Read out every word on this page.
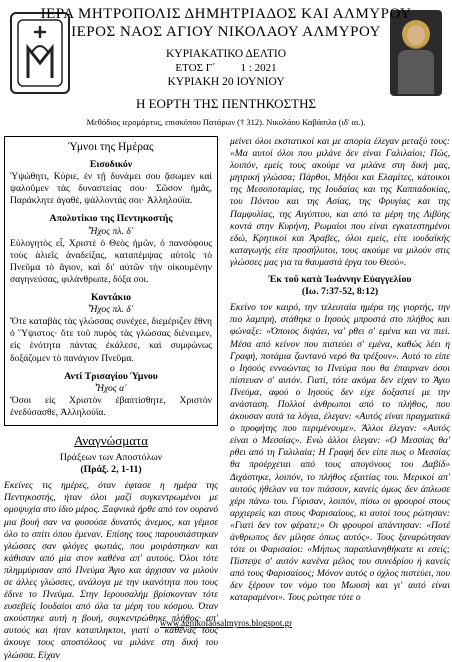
ΙΕΡΑ ΜΗΤΡΟΠΟΛΙΣ ΔΗΜΗΤΡΙΑΔΟΣ ΚΑΙ ΑΛΜΥΡΟΥ
ΙΕΡΟΣ ΝΑΟΣ ΑΓΙΟΥ ΝΙΚΟΛΑΟΥ ΑΛΜΥΡΟΥ
ΚΥΡΙΑΚΑΤΙΚΟ ΔΕΛΤΙΟ
ΕΤΟΣ Γ΄ 1 : 2021
ΚΥΡΙΑΚΗ 20 ΙΟΥΝΙΟΥ
Η ΕΟΡΤΗ ΤΗΣ ΠΕΝΤΗΚΟΣΤΗΣ
Μεθόδιος ιερομάρτυς, επισκόπου Πατάρων († 312). Νικολάου Καβάσιλα (ιδ' αι.).
Ύμνοι της Ημέρας
Εισοδικόν
Ὑψώθητι, Κύριε, ἐν τῇ δυνάμει σου ᾄσωμεν καὶ ψαλοῦμεν τὰς δυναστείας σου· Σῶσον ἡμᾶς, Παράκλητε ἀγαθέ, ψάλλοντάς σοι· Ἀλληλούϊα.
Απολυτίκιο της Πεντηκοστής
Ἦχος πλ. δ΄
Εὐλογητὸς εἶ, Χριστὲ ὁ Θεὸς ἡμῶν, ὁ πανσόφους τοὺς ἁλιεῖς ἀναδείξας, καταπέμψας αὐτοῖς τὸ Πνεῦμα τὸ ἅγιον, καὶ δι' αὐτῶν τὴν οἰκουμένην σαγηνεύσας, φιλάνθρωπε, δόξα σοι.
Κοντάκιο
Ἦχος πλ. δ΄
Ὅτε καταβὰς τὰς γλώσσας συνέχεε, διεμέριζεν ἔθνη ὁ Ὕψιστος· ὅτε τοῦ πυρὸς τὰς γλώσσας διένειμεν, εἰς ἑνότητα πάντας ἐκάλεσε, καὶ συμφώνως δοξάζομεν τὸ πανάγιον Πνεῦμα.
Αντί Τρισαγίου Ύμνου
Ἦχος α΄
Ὅσοι εἰς Χριστὸν ἐβαπτίσθητε, Χριστὸν ἐνεδύσασθε, Ἀλληλούϊα.
Αναγνώσματα
Πράξεων των Αποστόλων
(Πράξ. 2, 1-11)
Εκείνες τις ημέρες, όταν έφτασε η ημέρα της Πεντηκοστής, ήταν όλοι μαζί συγκεντρωμένοι με ομοψυχία στο ίδιο μέρος. Ξαφνικά ήρθε από τον ουρανό μια βουή σαν να φυσούσε δυνατός άνεμος, και γέμισε όλο το σπίτι όπου έμεναν. Επίσης τους παρουσιάστηκαν γλώσσες σαν φλόγες φωτιάς, που μοιράστηκαν και κάθισαν από μία στον καθένα απ' αυτούς. Όλοι τότε πλημμύρισαν από Πνεύμα Άγιο και άρχισαν να μιλούν σε άλλες γλώσσες, ανάλογα με την ικανότητα που τους έδινε το Πνεύμα. Στην Ιερουσαλήμ βρίσκονταν τότε ευσεβείς Ιουδαίοι από όλα τα μέρη του κόσμου. Όταν ακούστηκε αυτή η βουή, συγκεντρώθηκε πλήθος· απ' αυτούς και ήταν καταπληκτοι, γιατί ο καθένας τους άκουγε τους αποστόλους να μιλάνε στη δική του γλώσσα. Είχαν
μείνει όλοι εκστατικοί και με απορία έλεγαν μεταξύ τους: «Μα αυτοί όλοι που μιλάνε δεν είναι Γαλιλαίοι; Πώς, λοιπόν, εμείς τους ακούμε να μιλάνε στη δική μας, μητρική γλώσσα; Πάρθοι, Μήδοι και Ελαμίτες, κάτοικοι της Μεσοποταμίας, της Ιουδαίας και της Καππαδοκίας, του Πόντου και της Ασίας, της Φρυγίας και της Παμφυλίας, της Αιγύπτου, και από τα μέρη της Λιβύης κοντά στην Κυρήνη, Ρωμαίοι που είναι εγκατεστημένοι εδώ, Κρητικοί και Άραβες, όλοι εμείς, είτε ιουδαϊκής καταγωγής είτε προσήλυτοι, τους ακούμε να μιλούν στις γλώσσες μας για τα θαυμαστά έργα του Θεού».
Έκ τοῦ κατὰ Ἰωάννην Εὐαγγελίου
(Ιω. 7:37-52, 8:12)
Εκείνο τον καιρό, την τελευταία ημέρα της γιορτής, την πιο λαμπρή, στάθηκε ο Ιησούς μπροστά στο πλήθος και φώναξε: «Όποιος διψάει, να' ρθει σ' εμένα και να πιεί. Μέσα από κείνον που πιστεύει σ' εμένα, καθώς λέει η Γραφή, ποτάμια ζωντανό νερό θα τρέξουν». Αυτό το είπε ο Ιησούς εννοώντας το Πνεύμα που θα έπαιρναν όσοι πίστευαν σ' αυτόν. Γιατί, τότε ακόμα δεν είχαν το Άγιο Πνεύμα, αφού ο Ιησούς δεν είχε δοξαστεί με την ανάσταση. Πολλοί άνθρωποι από το πλήθος, που άκουσαν αυτά τα λόγια, έλεγαν: «Αυτός είναι πραγματικά ο προφήτης που περιμένουμε». Άλλοι έλεγαν: «Αυτός είναι ο Μεσσίας». Ενώ άλλοι έλεγαν: «Ο Μεσσίας θα' ρθει από τη Γαλιλαία; Η Γραφή δεν είπε πως ο Μεσσίας θα προέρχεται από τους απογόνους του Δαβίδ» Διχάστηκε, λοιπόν, το πλήθος εξαιτίας του. Μερικοί απ' αυτούς ήθελαν να τον πιάσουν, κανείς όμως δεν άπλωσε χέρι πάνω του. Γύρισαν, λοιπόν, πίσω οι φρουροί στους αρχιερείς και στους Φαρισαίους, κι αυτοί τους ρώτησαν: «Γιατί δεν τον φέρατε;» Οι φρουροί απάντησαν: «Ποτέ άνθρωπος δεν μίλησε όπως αυτός». Τους ξαναρώτησαν τότε οι Φαρισαίοι: «Μήπως παραπλανηθήκατε κι εσείς; Πίστεψε σ' αυτόν κανένα μέλος του συνεδρίου ή κανείς από τους Φαρισαίους; Μόνον αυτός ο όχλος πιστεύει, που δεν ξέρουν τον νόμο του Μωυσή και γι' αυτό είναι καταραμένοι». Τους ρώτησε τότε ο
www.agnikolaosalmyros.blogspot.gr
